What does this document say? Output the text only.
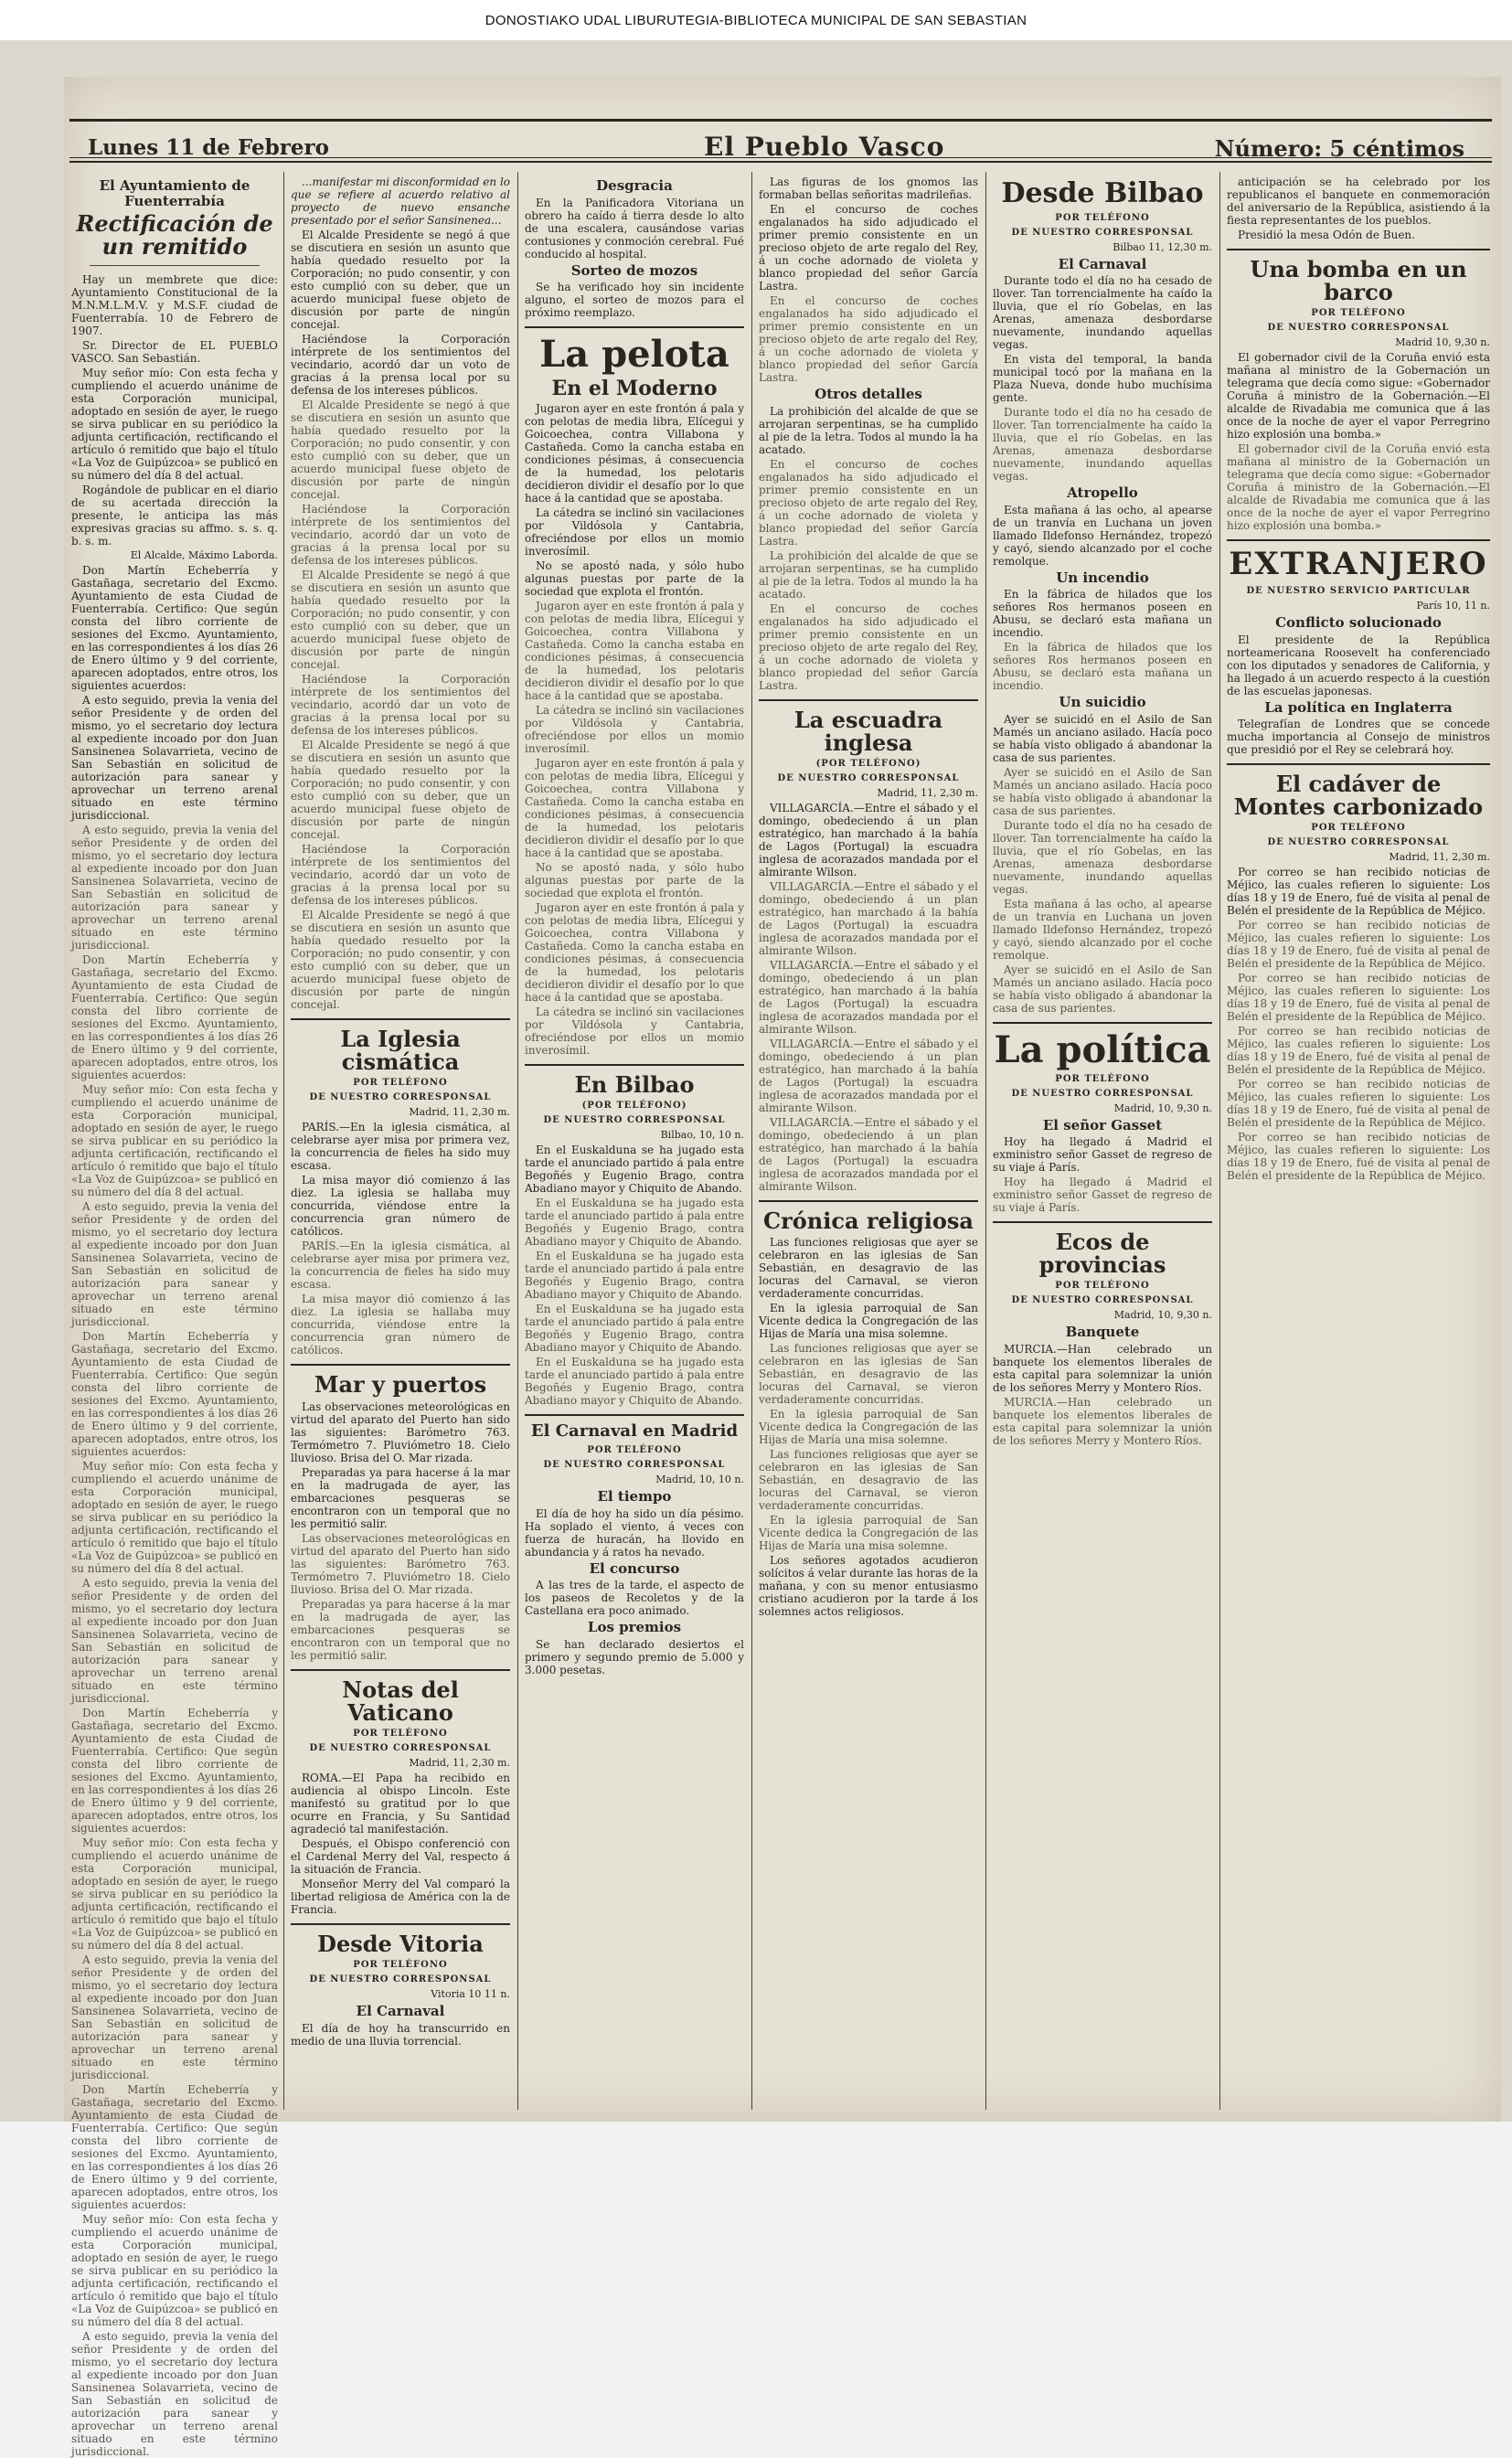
DONOSTIAKO UDAL LIBURUTEGIA-BIBLIOTECA MUNICIPAL DE SAN SEBASTIAN
Lunes 11 de Febrero	El Pueblo Vasco	Número: 5 céntimos
El Ayuntamiento de Fuenterrabía
Rectificación de un remitido

Hay un membrete que dice: Ayuntamiento Constitucional de la M.N.M.L.M.V. y M.S.F. ciudad de Fuenterrabía. 10 de Febrero de 1907.

Sr. Director de EL PUEBLO VASCO. San Sebastián.

Muy señor mío: Con esta fecha y cumpliendo el acuerdo unánime de esta Corporación municipal, adoptado en sesión de ayer, le ruego se sirva publicar en su periódico la adjunta certificación, rectificando el artículo ó remitido que bajo el título «La Voz de Guipúzcoa» se publicó en su número del día 8 del actual.

Rogándole de publicar en el diario de su acertada dirección la presente, le anticipa las más expresivas gracias su affmo. s. s. q. b. s. m.

El Alcalde, Máximo Laborda.

Don Martín Echeberría y Gastañaga, secretario del Excmo. Ayuntamiento de esta Ciudad de Fuenterrabía. Certifico: Que según consta del libro corriente de sesiones del Excmo. Ayuntamiento, en las correspondientes á los días 26 de Enero último y 9 del corriente, aparecen adoptados, entre otros, los siguientes acuerdos:

A esto seguido, previa la venia del señor Presidente y de orden del mismo, yo el secretario doy lectura al expediente incoado por don Juan Sansinenea Solavarrieta, vecino de San Sebastián en solicitud de autorización para sanear y aprovechar un terreno arenal situado en este término jurisdiccional.

A esto seguido, previa la venia del señor Presidente y de orden del mismo, yo el secretario doy lectura al expediente incoado por don Juan Sansinenea Solavarrieta, vecino de San Sebastián en solicitud de autorización para sanear y aprovechar un terreno arenal situado en este término jurisdiccional.

Don Martín Echeberría y Gastañaga, secretario del Excmo. Ayuntamiento de esta Ciudad de Fuenterrabía. Certifico: Que según consta del libro corriente de sesiones del Excmo. Ayuntamiento, en las correspondientes á los días 26 de Enero último y 9 del corriente, aparecen adoptados, entre otros, los siguientes acuerdos:

Muy señor mío: Con esta fecha y cumpliendo el acuerdo unánime de esta Corporación municipal, adoptado en sesión de ayer, le ruego se sirva publicar en su periódico la adjunta certificación, rectificando el artículo ó remitido que bajo el título «La Voz de Guipúzcoa» se publicó en su número del día 8 del actual.

A esto seguido, previa la venia del señor Presidente y de orden del mismo, yo el secretario doy lectura al expediente incoado por don Juan Sansinenea Solavarrieta, vecino de San Sebastián en solicitud de autorización para sanear y aprovechar un terreno arenal situado en este término jurisdiccional.

Don Martín Echeberría y Gastañaga, secretario del Excmo. Ayuntamiento de esta Ciudad de Fuenterrabía. Certifico: Que según consta del libro corriente de sesiones del Excmo. Ayuntamiento, en las correspondientes á los días 26 de Enero último y 9 del corriente, aparecen adoptados, entre otros, los siguientes acuerdos:

Muy señor mío: Con esta fecha y cumpliendo el acuerdo unánime de esta Corporación municipal, adoptado en sesión de ayer, le ruego se sirva publicar en su periódico la adjunta certificación, rectificando el artículo ó remitido que bajo el título «La Voz de Guipúzcoa» se publicó en su número del día 8 del actual.

A esto seguido, previa la venia del señor Presidente y de orden del mismo, yo el secretario doy lectura al expediente incoado por don Juan Sansinenea Solavarrieta, vecino de San Sebastián en solicitud de autorización para sanear y aprovechar un terreno arenal situado en este término jurisdiccional.

Don Martín Echeberría y Gastañaga, secretario del Excmo. Ayuntamiento de esta Ciudad de Fuenterrabía. Certifico: Que según consta del libro corriente de sesiones del Excmo. Ayuntamiento, en las correspondientes á los días 26 de Enero último y 9 del corriente, aparecen adoptados, entre otros, los siguientes acuerdos:

Muy señor mío: Con esta fecha y cumpliendo el acuerdo unánime de esta Corporación municipal, adoptado en sesión de ayer, le ruego se sirva publicar en su periódico la adjunta certificación, rectificando el artículo ó remitido que bajo el título «La Voz de Guipúzcoa» se publicó en su número del día 8 del actual.

A esto seguido, previa la venia del señor Presidente y de orden del mismo, yo el secretario doy lectura al expediente incoado por don Juan Sansinenea Solavarrieta, vecino de San Sebastián en solicitud de autorización para sanear y aprovechar un terreno arenal situado en este término jurisdiccional.

Don Martín Echeberría y Gastañaga, secretario del Excmo. Ayuntamiento de esta Ciudad de Fuenterrabía. Certifico: Que según consta del libro corriente de sesiones del Excmo. Ayuntamiento, en las correspondientes á los días 26 de Enero último y 9 del corriente, aparecen adoptados, entre otros, los siguientes acuerdos:

Muy señor mío: Con esta fecha y cumpliendo el acuerdo unánime de esta Corporación municipal, adoptado en sesión de ayer, le ruego se sirva publicar en su periódico la adjunta certificación, rectificando el artículo ó remitido que bajo el título «La Voz de Guipúzcoa» se publicó en su número del día 8 del actual.

A esto seguido, previa la venia del señor Presidente y de orden del mismo, yo el secretario doy lectura al expediente incoado por don Juan Sansinenea Solavarrieta, vecino de San Sebastián en solicitud de autorización para sanear y aprovechar un terreno arenal situado en este término jurisdiccional.

...manifestar mi disconformidad en lo que se refiere al acuerdo relativo al proyecto de nuevo ensanche presentado por el señor Sansinenea...

El Alcalde Presidente se negó á que se discutiera en sesión un asunto que había quedado resuelto por la Corporación; no pudo consentir, y con esto cumplió con su deber, que un acuerdo municipal fuese objeto de discusión por parte de ningún concejal.

Haciéndose la Corporación intérprete de los sentimientos del vecindario, acordó dar un voto de gracias á la prensa local por su defensa de los intereses públicos.

El Alcalde Presidente se negó á que se discutiera en sesión un asunto que había quedado resuelto por la Corporación; no pudo consentir, y con esto cumplió con su deber, que un acuerdo municipal fuese objeto de discusión por parte de ningún concejal.

Haciéndose la Corporación intérprete de los sentimientos del vecindario, acordó dar un voto de gracias á la prensa local por su defensa de los intereses públicos.

El Alcalde Presidente se negó á que se discutiera en sesión un asunto que había quedado resuelto por la Corporación; no pudo consentir, y con esto cumplió con su deber, que un acuerdo municipal fuese objeto de discusión por parte de ningún concejal.

Haciéndose la Corporación intérprete de los sentimientos del vecindario, acordó dar un voto de gracias á la prensa local por su defensa de los intereses públicos.

El Alcalde Presidente se negó á que se discutiera en sesión un asunto que había quedado resuelto por la Corporación; no pudo consentir, y con esto cumplió con su deber, que un acuerdo municipal fuese objeto de discusión por parte de ningún concejal.

Haciéndose la Corporación intérprete de los sentimientos del vecindario, acordó dar un voto de gracias á la prensa local por su defensa de los intereses públicos.

El Alcalde Presidente se negó á que se discutiera en sesión un asunto que había quedado resuelto por la Corporación; no pudo consentir, y con esto cumplió con su deber, que un acuerdo municipal fuese objeto de discusión por parte de ningún concejal.

La Iglesia cismática
POR TELÉFONO
DE NUESTRO CORRESPONSAL
Madrid, 11, 2,30 m.

PARÍS.—En la iglesia cismática, al celebrarse ayer misa por primera vez, la concurrencia de fieles ha sido muy escasa.

La misa mayor dió comienzo á las diez. La iglesia se hallaba muy concurrida, viéndose entre la concurrencia gran número de católicos.

PARÍS.—En la iglesia cismática, al celebrarse ayer misa por primera vez, la concurrencia de fieles ha sido muy escasa.

La misa mayor dió comienzo á las diez. La iglesia se hallaba muy concurrida, viéndose entre la concurrencia gran número de católicos.

Mar y puertos

Las observaciones meteorológicas en virtud del aparato del Puerto han sido las siguientes: Barómetro 763. Termómetro 7. Pluviómetro 18. Cielo lluvioso. Brisa del O. Mar rizada.

Preparadas ya para hacerse á la mar en la madrugada de ayer, las embarcaciones pesqueras se encontraron con un temporal que no les permitió salir.

Las observaciones meteorológicas en virtud del aparato del Puerto han sido las siguientes: Barómetro 763. Termómetro 7. Pluviómetro 18. Cielo lluvioso. Brisa del O. Mar rizada.

Preparadas ya para hacerse á la mar en la madrugada de ayer, las embarcaciones pesqueras se encontraron con un temporal que no les permitió salir.

Notas del Vaticano
POR TELÉFONO
DE NUESTRO CORRESPONSAL
Madrid, 11, 2,30 m.

ROMA.—El Papa ha recibido en audiencia al obispo Lincoln. Este manifestó su gratitud por lo que ocurre en Francia, y Su Santidad agradeció tal manifestación.

Después, el Obispo conferenció con el Cardenal Merry del Val, respecto á la situación de Francia.

Monseñor Merry del Val comparó la libertad religiosa de América con la de Francia.

Desde Vitoria
POR TELÉFONO
DE NUESTRO CORRESPONSAL
Vitoria 10 11 n.
El Carnaval

El día de hoy ha transcurrido en medio de una lluvia torrencial.

Desgracia

En la Panificadora Vitoriana un obrero ha caído á tierra desde lo alto de una escalera, causándose varias contusiones y conmoción cerebral. Fué conducido al hospital.

Sorteo de mozos

Se ha verificado hoy sin incidente alguno, el sorteo de mozos para el próximo reemplazo.

La pelota
En el Moderno

Jugaron ayer en este frontón á pala y con pelotas de media libra, Elícegui y Goicoechea, contra Villabona y Castañeda. Como la cancha estaba en condiciones pésimas, á consecuencia de la humedad, los pelotaris decidieron dividir el desafío por lo que hace á la cantidad que se apostaba.

La cátedra se inclinó sin vacilaciones por Vildósola y Cantabria, ofreciéndose por ellos un momio inverosímil.

No se apostó nada, y sólo hubo algunas puestas por parte de la sociedad que explota el frontón.

Jugaron ayer en este frontón á pala y con pelotas de media libra, Elícegui y Goicoechea, contra Villabona y Castañeda. Como la cancha estaba en condiciones pésimas, á consecuencia de la humedad, los pelotaris decidieron dividir el desafío por lo que hace á la cantidad que se apostaba.

La cátedra se inclinó sin vacilaciones por Vildósola y Cantabria, ofreciéndose por ellos un momio inverosímil.

Jugaron ayer en este frontón á pala y con pelotas de media libra, Elícegui y Goicoechea, contra Villabona y Castañeda. Como la cancha estaba en condiciones pésimas, á consecuencia de la humedad, los pelotaris decidieron dividir el desafío por lo que hace á la cantidad que se apostaba.

No se apostó nada, y sólo hubo algunas puestas por parte de la sociedad que explota el frontón.

Jugaron ayer en este frontón á pala y con pelotas de media libra, Elícegui y Goicoechea, contra Villabona y Castañeda. Como la cancha estaba en condiciones pésimas, á consecuencia de la humedad, los pelotaris decidieron dividir el desafío por lo que hace á la cantidad que se apostaba.

La cátedra se inclinó sin vacilaciones por Vildósola y Cantabria, ofreciéndose por ellos un momio inverosímil.

En Bilbao
(POR TELÉFONO)
DE NUESTRO CORRESPONSAL
Bilbao, 10, 10 n.

En el Euskalduna se ha jugado esta tarde el anunciado partido á pala entre Begoñés y Eugenio Brago, contra Abadiano mayor y Chiquito de Abando.

En el Euskalduna se ha jugado esta tarde el anunciado partido á pala entre Begoñés y Eugenio Brago, contra Abadiano mayor y Chiquito de Abando.

En el Euskalduna se ha jugado esta tarde el anunciado partido á pala entre Begoñés y Eugenio Brago, contra Abadiano mayor y Chiquito de Abando.

En el Euskalduna se ha jugado esta tarde el anunciado partido á pala entre Begoñés y Eugenio Brago, contra Abadiano mayor y Chiquito de Abando.

En el Euskalduna se ha jugado esta tarde el anunciado partido á pala entre Begoñés y Eugenio Brago, contra Abadiano mayor y Chiquito de Abando.

El Carnaval en Madrid
POR TELÉFONO
DE NUESTRO CORRESPONSAL
Madrid, 10, 10 n.
El tiempo

El día de hoy ha sido un día pésimo. Ha soplado el viento, á veces con fuerza de huracán, ha llovido en abundancia y á ratos ha nevado.

El concurso

A las tres de la tarde, el aspecto de los paseos de Recoletos y de la Castellana era poco animado.

Los premios

Se han declarado desiertos el primero y segundo premio de 5.000 y 3.000 pesetas.

Las figuras de los gnomos las formaban bellas señoritas madrileñas.

En el concurso de coches engalanados ha sido adjudicado el primer premio consistente en un precioso objeto de arte regalo del Rey, á un coche adornado de violeta y blanco propiedad del señor García Lastra.

En el concurso de coches engalanados ha sido adjudicado el primer premio consistente en un precioso objeto de arte regalo del Rey, á un coche adornado de violeta y blanco propiedad del señor García Lastra.

Otros detalles

La prohibición del alcalde de que se arrojaran serpentinas, se ha cumplido al pie de la letra. Todos al mundo la ha acatado.

En el concurso de coches engalanados ha sido adjudicado el primer premio consistente en un precioso objeto de arte regalo del Rey, á un coche adornado de violeta y blanco propiedad del señor García Lastra.

La prohibición del alcalde de que se arrojaran serpentinas, se ha cumplido al pie de la letra. Todos al mundo la ha acatado.

En el concurso de coches engalanados ha sido adjudicado el primer premio consistente en un precioso objeto de arte regalo del Rey, á un coche adornado de violeta y blanco propiedad del señor García Lastra.

La escuadra inglesa
(POR TELÉFONO)
DE NUESTRO CORRESPONSAL
Madrid, 11, 2,30 m.

VILLAGARCÍA.—Entre el sábado y el domingo, obedeciendo á un plan estratégico, han marchado á la bahía de Lagos (Portugal) la escuadra inglesa de acorazados mandada por el almirante Wilson.

VILLAGARCÍA.—Entre el sábado y el domingo, obedeciendo á un plan estratégico, han marchado á la bahía de Lagos (Portugal) la escuadra inglesa de acorazados mandada por el almirante Wilson.

VILLAGARCÍA.—Entre el sábado y el domingo, obedeciendo á un plan estratégico, han marchado á la bahía de Lagos (Portugal) la escuadra inglesa de acorazados mandada por el almirante Wilson.

VILLAGARCÍA.—Entre el sábado y el domingo, obedeciendo á un plan estratégico, han marchado á la bahía de Lagos (Portugal) la escuadra inglesa de acorazados mandada por el almirante Wilson.

VILLAGARCÍA.—Entre el sábado y el domingo, obedeciendo á un plan estratégico, han marchado á la bahía de Lagos (Portugal) la escuadra inglesa de acorazados mandada por el almirante Wilson.

Crónica religiosa

Las funciones religiosas que ayer se celebraron en las iglesias de San Sebastián, en desagravio de las locuras del Carnaval, se vieron verdaderamente concurridas.

En la iglesia parroquial de San Vicente dedica la Congregación de las Hijas de María una misa solemne.

Las funciones religiosas que ayer se celebraron en las iglesias de San Sebastián, en desagravio de las locuras del Carnaval, se vieron verdaderamente concurridas.

En la iglesia parroquial de San Vicente dedica la Congregación de las Hijas de María una misa solemne.

Las funciones religiosas que ayer se celebraron en las iglesias de San Sebastián, en desagravio de las locuras del Carnaval, se vieron verdaderamente concurridas.

En la iglesia parroquial de San Vicente dedica la Congregación de las Hijas de María una misa solemne.

Los señores agotados acudieron solícitos á velar durante las horas de la mañana, y con su menor entusiasmo cristiano acudieron por la tarde á los solemnes actos religiosos.

Desde Bilbao
POR TELÉFONO
DE NUESTRO CORRESPONSAL
Bilbao 11, 12,30 m.
El Carnaval

Durante todo el día no ha cesado de llover. Tan torrencialmente ha caído la lluvia, que el río Gobelas, en las Arenas, amenaza desbordarse nuevamente, inundando aquellas vegas.

En vista del temporal, la banda municipal tocó por la mañana en la Plaza Nueva, donde hubo muchísima gente.

Durante todo el día no ha cesado de llover. Tan torrencialmente ha caído la lluvia, que el río Gobelas, en las Arenas, amenaza desbordarse nuevamente, inundando aquellas vegas.

Atropello

Esta mañana á las ocho, al apearse de un tranvía en Luchana un joven llamado Ildefonso Hernández, tropezó y cayó, siendo alcanzado por el coche remolque.

Un incendio

En la fábrica de hilados que los señores Ros hermanos poseen en Abusu, se declaró esta mañana un incendio.

En la fábrica de hilados que los señores Ros hermanos poseen en Abusu, se declaró esta mañana un incendio.

Un suicidio

Ayer se suicidó en el Asilo de San Mamés un anciano asilado. Hacía poco se había visto obligado á abandonar la casa de sus parientes.

Ayer se suicidó en el Asilo de San Mamés un anciano asilado. Hacía poco se había visto obligado á abandonar la casa de sus parientes.

Durante todo el día no ha cesado de llover. Tan torrencialmente ha caído la lluvia, que el río Gobelas, en las Arenas, amenaza desbordarse nuevamente, inundando aquellas vegas.

Esta mañana á las ocho, al apearse de un tranvía en Luchana un joven llamado Ildefonso Hernández, tropezó y cayó, siendo alcanzado por el coche remolque.

Ayer se suicidó en el Asilo de San Mamés un anciano asilado. Hacía poco se había visto obligado á abandonar la casa de sus parientes.

La política
POR TELÉFONO
DE NUESTRO CORRESPONSAL
Madrid, 10, 9,30 n.
El señor Gasset

Hoy ha llegado á Madrid el exministro señor Gasset de regreso de su viaje á París.

Hoy ha llegado á Madrid el exministro señor Gasset de regreso de su viaje á París.

Ecos de provincias
POR TELÉFONO
DE NUESTRO CORRESPONSAL
Madrid, 10, 9,30 n.
Banquete

MURCIA.—Han celebrado un banquete los elementos liberales de esta capital para solemnizar la unión de los señores Merry y Montero Ríos.

MURCIA.—Han celebrado un banquete los elementos liberales de esta capital para solemnizar la unión de los señores Merry y Montero Ríos.

anticipación se ha celebrado por los republicanos el banquete en conmemoración del aniversario de la República, asistiendo á la fiesta representantes de los pueblos.

Presidió la mesa Odón de Buen.

Una bomba en un barco
POR TELÉFONO
DE NUESTRO CORRESPONSAL
Madrid 10, 9,30 n.

El gobernador civil de la Coruña envió esta mañana al ministro de la Gobernación un telegrama que decía como sigue: «Gobernador Coruña á ministro de la Gobernación.—El alcalde de Rivadabia me comunica que á las once de la noche de ayer el vapor Perregrino hizo explosión una bomba.»

El gobernador civil de la Coruña envió esta mañana al ministro de la Gobernación un telegrama que decía como sigue: «Gobernador Coruña á ministro de la Gobernación.—El alcalde de Rivadabia me comunica que á las once de la noche de ayer el vapor Perregrino hizo explosión una bomba.»

EXTRANJERO
DE NUESTRO SERVICIO PARTICULAR
París 10, 11 n.
Conflicto solucionado

El presidente de la República norteamericana Roosevelt ha conferenciado con los diputados y senadores de California, y ha llegado á un acuerdo respecto á la cuestión de las escuelas japonesas.

La política en Inglaterra

Telegrafían de Londres que se concede mucha importancia al Consejo de ministros que presidió por el Rey se celebrará hoy.

El cadáver de Montes carbonizado
POR TELÉFONO
DE NUESTRO CORRESPONSAL
Madrid, 11, 2,30 m.

Por correo se han recibido noticias de Méjico, las cuales refieren lo siguiente: Los días 18 y 19 de Enero, fué de visita al penal de Belén el presidente de la República de Méjico.

Por correo se han recibido noticias de Méjico, las cuales refieren lo siguiente: Los días 18 y 19 de Enero, fué de visita al penal de Belén el presidente de la República de Méjico.

Por correo se han recibido noticias de Méjico, las cuales refieren lo siguiente: Los días 18 y 19 de Enero, fué de visita al penal de Belén el presidente de la República de Méjico.

Por correo se han recibido noticias de Méjico, las cuales refieren lo siguiente: Los días 18 y 19 de Enero, fué de visita al penal de Belén el presidente de la República de Méjico.

Por correo se han recibido noticias de Méjico, las cuales refieren lo siguiente: Los días 18 y 19 de Enero, fué de visita al penal de Belén el presidente de la República de Méjico.

Por correo se han recibido noticias de Méjico, las cuales refieren lo siguiente: Los días 18 y 19 de Enero, fué de visita al penal de Belén el presidente de la República de Méjico.
